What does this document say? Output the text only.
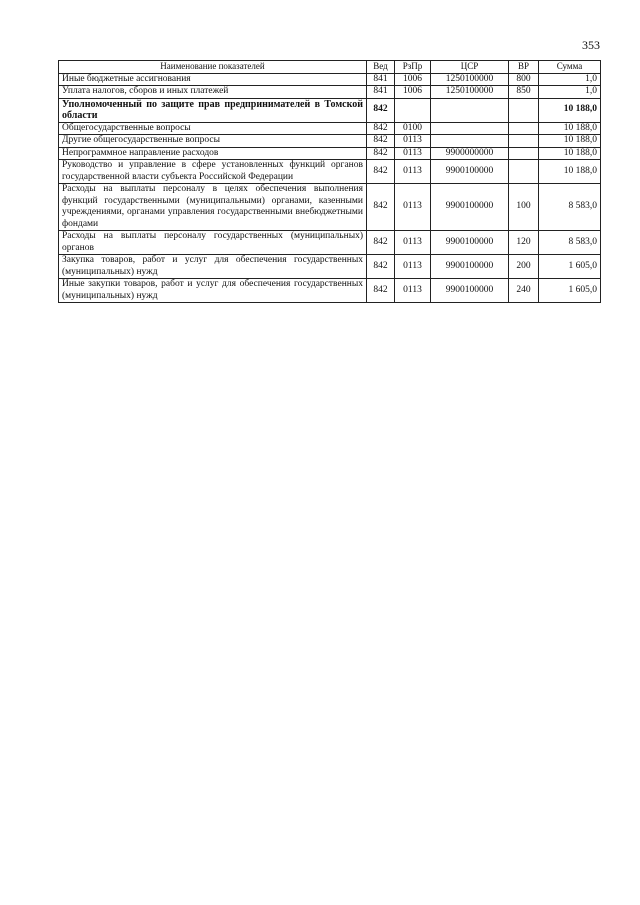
353
Наименование показателей	Вед	РзПр	ЦСР	ВР	Сумма
Иные бюджетные ассигнования	841	1006	1250100000	800	1,0
Уплата налогов, сборов и иных платежей	841	1006	1250100000	850	1,0
Уполномоченный по защите прав предпринимателей в Томской области	842				10 188,0
Общегосударственные вопросы	842	0100			10 188,0
Другие общегосударственные вопросы	842	0113			10 188,0
Непрограммное направление расходов	842	0113	9900000000		10 188,0
Руководство и управление в сфере установленных функций органов государственной власти субъекта Российской Федерации	842	0113	9900100000		10 188,0
Расходы на выплаты персоналу в целях обеспечения выполнения функций государственными (муниципальными) органами, казенными учреждениями, органами управления государственными внебюджетными фондами	842	0113	9900100000	100	8 583,0
Расходы на выплаты персоналу государственных (муниципальных) органов	842	0113	9900100000	120	8 583,0
Закупка товаров, работ и услуг для обеспечения государственных (муниципальных) нужд	842	0113	9900100000	200	1 605,0
Иные закупки товаров, работ и услуг для обеспечения государственных (муниципальных) нужд	842	0113	9900100000	240	1 605,0
